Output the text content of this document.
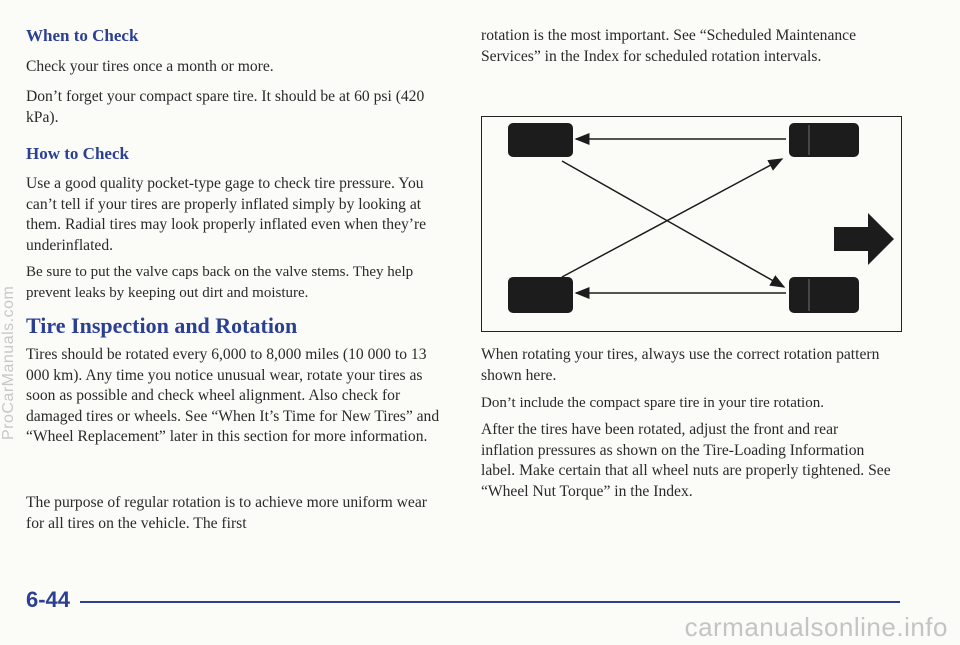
When to Check

Check your tires once a month or more.

Don’t forget your compact spare tire. It should be at 60 psi (420 kPa).

How to Check

Use a good quality pocket-type gage to check tire pressure. You can’t tell if your tires are properly inflated simply by looking at them. Radial tires may look properly inflated even when they’re underinflated.

Be sure to put the valve caps back on the valve stems. They help prevent leaks by keeping out dirt and moisture.

Tire Inspection and Rotation

Tires should be rotated every 6,000 to 8,000 miles (10 000 to 13 000 km). Any time you notice unusual wear, rotate your tires as soon as possible and check wheel alignment. Also check for damaged tires or wheels. See “When It’s Time for New Tires” and “Wheel Replacement” later in this section for more information.

The purpose of regular rotation is to achieve more uniform wear for all tires on the vehicle. The first

rotation is the most important. See “Scheduled Maintenance Services” in the Index for scheduled rotation intervals.

When rotating your tires, always use the correct rotation pattern shown here.

Don’t include the compact spare tire in your tire rotation.

After the tires have been rotated, adjust the front and rear inflation pressures as shown on the Tire-Loading Information label. Make certain that all wheel nuts are properly tightened. See “Wheel Nut Torque” in the Index.

6-44
ProCarManuals.com
carmanualsonline.info
